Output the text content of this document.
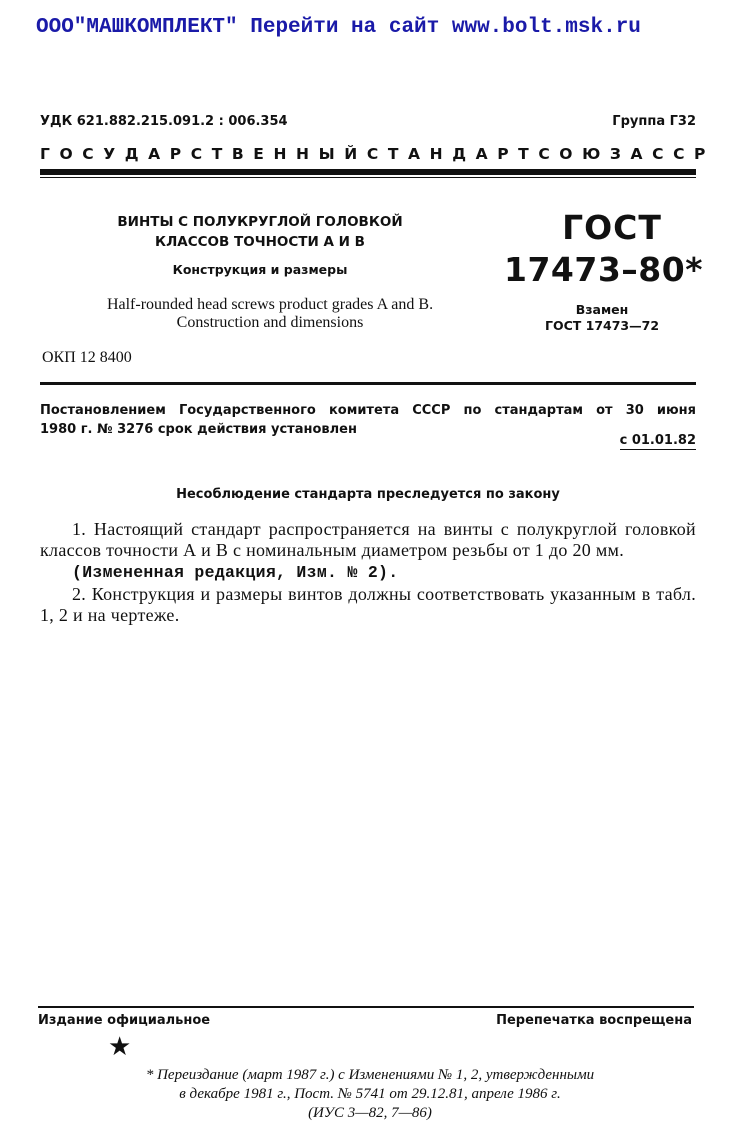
ООО"МАШКОМПЛЕКТ" Перейти на сайт www.bolt.msk.ru
УДК 621.882.215.091.2 : 006.354	Группа Г32
ГОСУДАРСТВЕННЫЙ СТАНДАРТ СОЮЗА ССР
ВИНТЫ С ПОЛУКРУГЛОЙ ГОЛОВКОЙ
КЛАССОВ ТОЧНОСТИ А И В
Конструкция и размеры
Half-rounded head screws product grades A and B.
Construction and dimensions
ГОСТ
17473–80*
Взамен
ГОСТ 17473—72
ОКП 12 8400
Постановлением Государственного комитета СССР по стандартам от 30 июня
1980 г. № 3276 срок действия установлен
с 01.01.82
Несоблюдение стандарта преследуется по закону

1. Настоящий стандарт распространяется на винты с полукруглой головкой классов точности А и В с номинальным диаметром резьбы от 1 до 20 мм.

(Измененная редакция, Изм. № 2).

2. Конструкция и размеры винтов должны соответствовать указанным в табл. 1, 2 и на чертеже.

Издание официальное	Перепечатка воспрещена
★
* Переиздание (март 1987 г.) с Изменениями № 1, 2, утвержденными
в декабре 1981 г., Пост. № 5741 от 29.12.81, апреле 1986 г.
(ИУС 3—82, 7—86)
